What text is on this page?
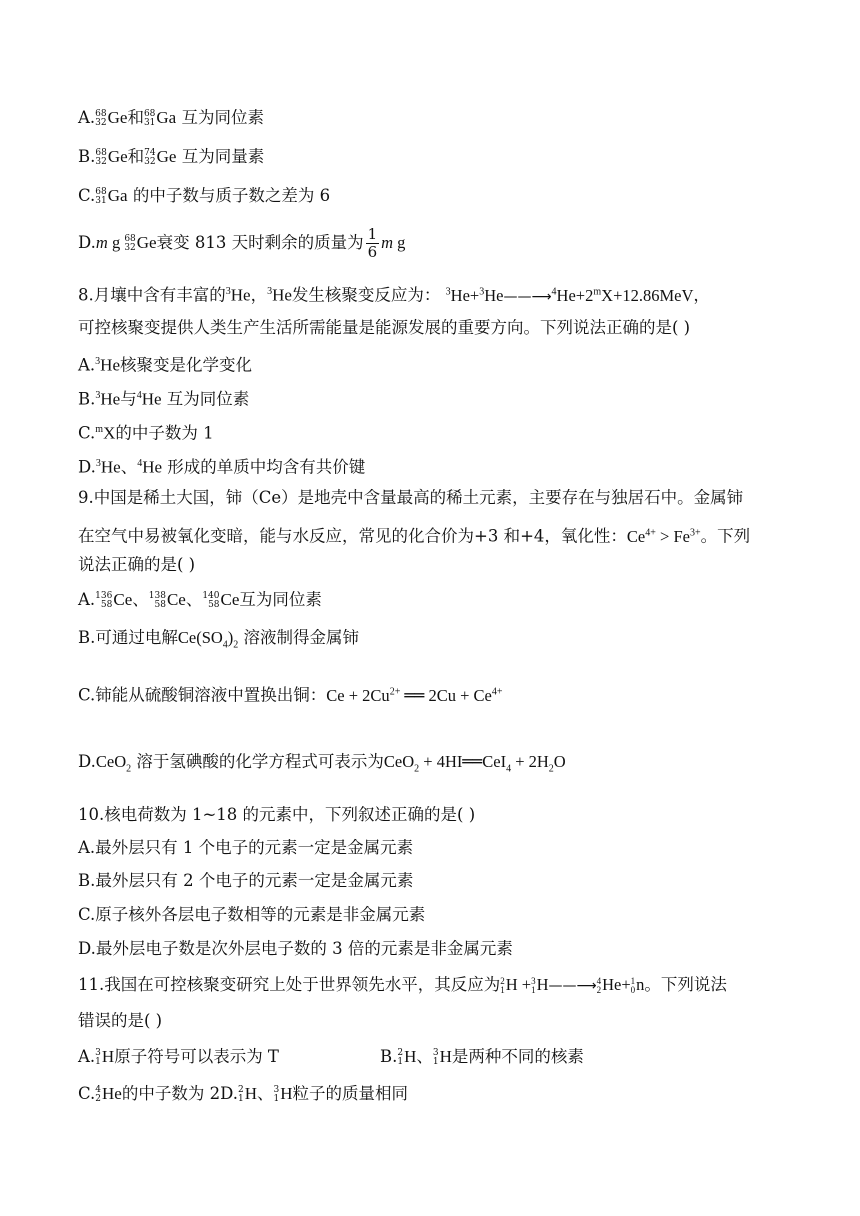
A. 68
32 Ge和 68
31 Ga 互为同位素
B. 68
32 Ge和 74
32 Ge 互为同量素
C. 68
31 Ga 的中子数与质子数之差为 6
D.m g 68
32 Ge衰变 813 天时剩余的质量为 $\frac{1}{6}$ m g
8.月壤中含有丰富的$^3$He，$^3$He发生核聚变反应为： $^3He+^3He——⟶^4He+2^mX+12.86MeV$，
可控核聚变提供人类生产生活所需能量是能源发展的重要方向。下列说法正确的是( )
A.$^3$He核聚变是化学变化
B.$^3$He与$^4$He 互为同位素
C.$^m$X的中子数为 1
D.$^3$He、$^4$He 形成的单质中均含有共价键
9.中国是稀土大国，铈（Ce）是地壳中含量最高的稀土元素，主要存在与独居石中。金属铈
在空气中易被氧化变暗，能与水反应，常见的化合价为+3 和+4，氧化性：$Ce^{4+} > Fe^{3+}$。下列
说法正确的是( )
A. 136
58 Ce、 138
58 Ce、 140
58 Ce互为同位素
B.可通过电解$Ce(SO_4)_2$ 溶液制得金属铈
C.铈能从硫酸铜溶液中置换出铜：$Ce + 2Cu^{2+}$ ══ $2Cu + Ce^{4+}$
D.CeO$_2$ 溶于氢碘酸的化学方程式可表示为CeO$_2$ + 4HI══CeI$_4$ + $2H_2O$
10.核电荷数为 1~18 的元素中，下列叙述正确的是( )
A.最外层只有 1 个电子的元素一定是金属元素
B.最外层只有 2 个电子的元素一定是金属元素
C.原子核外各层电子数相等的元素是非金属元素
D.最外层电子数是次外层电子数的 3 倍的元素是非金属元素
11.我国在可控核聚变研究上处于世界领先水平，其反应为 2
1 H + 3
1 H——⟶ 4
2 He+ 1
0 n。下列说法
错误的是( )
A. 3
1 H原子符号可以表示为 T	B. 2
1 H、 3
1 H是两种不同的核素
C. 4
2 He的中子数为 2D. 2
1 H、 3
1 H粒子的质量相同
